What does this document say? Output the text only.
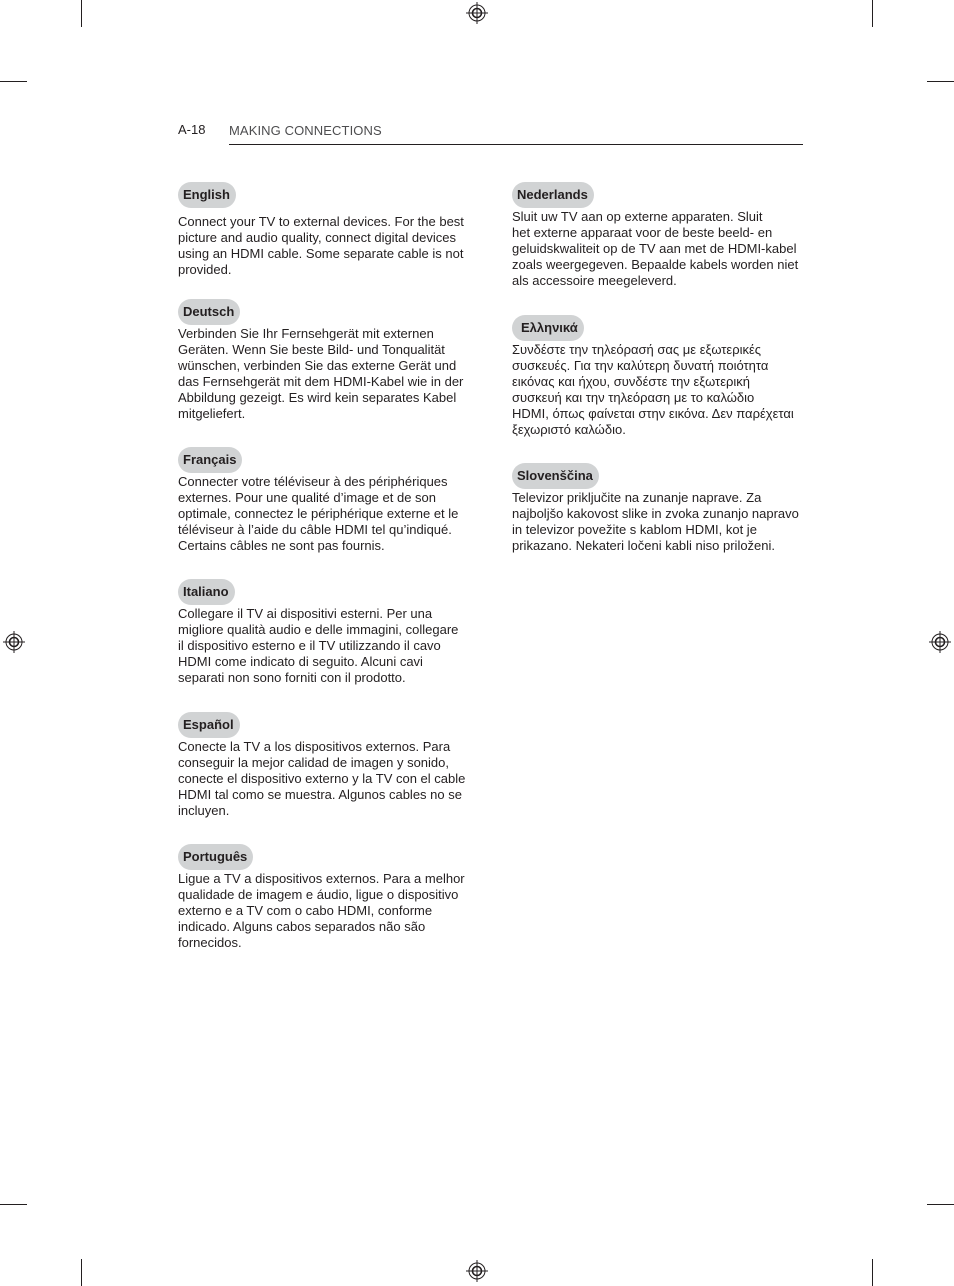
A-18 MAKING CONNECTIONS
English

Connect your TV to external devices. For the best
picture and audio quality, connect digital devices
using an HDMI cable. Some separate cable is not
provided.

Deutsch

Verbinden Sie Ihr Fernsehgerät mit externen
Geräten. Wenn Sie beste Bild- und Tonqualität
wünschen, verbinden Sie das externe Gerät und
das Fernsehgerät mit dem HDMI-Kabel wie in der
Abbildung gezeigt. Es wird kein separates Kabel
mitgeliefert.

Français

Connecter votre téléviseur à des périphériques
externes. Pour une qualité d’image et de son
optimale, connectez le périphérique externe et le
téléviseur à l’aide du câble HDMI tel qu’indiqué.
Certains câbles ne sont pas fournis.

Italiano

Collegare il TV ai dispositivi esterni. Per una
migliore qualità audio e delle immagini, collegare
il dispositivo esterno e il TV utilizzando il cavo
HDMI come indicato di seguito. Alcuni cavi
separati non sono forniti con il prodotto.

Español

Conecte la TV a los dispositivos externos. Para
conseguir la mejor calidad de imagen y sonido,
conecte el dispositivo externo y la TV con el cable
HDMI tal como se muestra. Algunos cables no se
incluyen.

Português

Ligue a TV a dispositivos externos. Para a melhor
qualidade de imagem e áudio, ligue o dispositivo
externo e a TV com o cabo HDMI, conforme
indicado. Alguns cabos separados não são
fornecidos.

Nederlands

Sluit uw TV aan op externe apparaten. Sluit
het externe apparaat voor de beste beeld- en
geluidskwaliteit op de TV aan met de HDMI-kabel
zoals weergegeven. Bepaalde kabels worden niet
als accessoire meegeleverd.

Ελληνικά

Συνδέστε την τηλεόρασή σας με εξωτερικές
συσκευές. Για την καλύτερη δυνατή ποιότητα
εικόνας και ήχου, συνδέστε την εξωτερική
συσκευή και την τηλεόραση με το καλώδιο
HDMI, όπως φαίνεται στην εικόνα. Δεν παρέχεται
ξεχωριστό καλώδιο.

Slovenščina

Televizor priključite na zunanje naprave. Za
najboljšo kakovost slike in zvoka zunanjo napravo
in televizor povežite s kablom HDMI, kot je
prikazano. Nekateri ločeni kabli niso priloženi.
